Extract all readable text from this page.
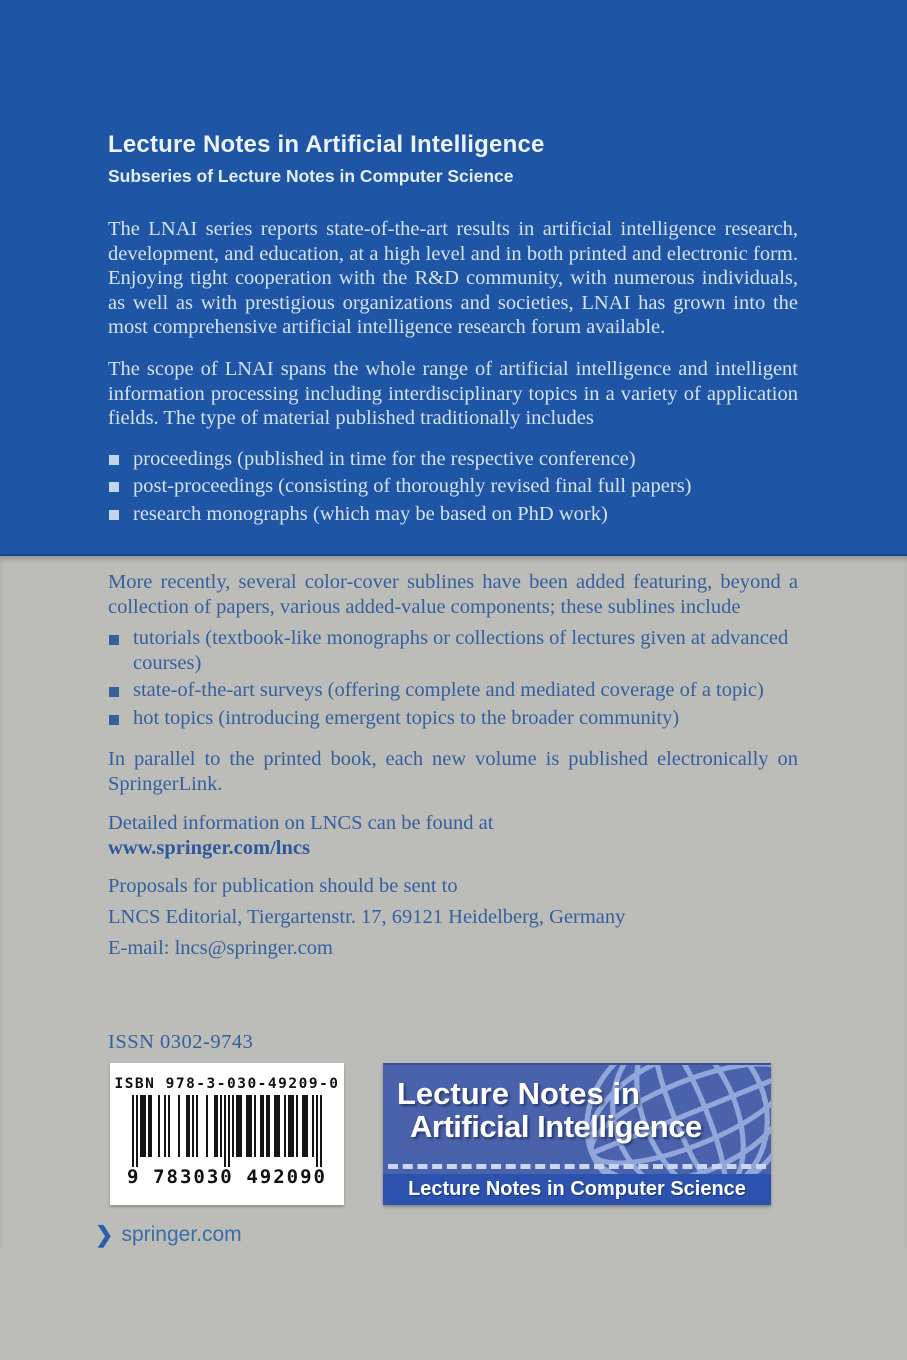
Lecture Notes in Artificial Intelligence
Subseries of Lecture Notes in Computer Science

The LNAI series reports state-of-the-art results in artificial intelligence research, development, and education, at a high level and in both printed and electronic form. Enjoying tight cooperation with the R&D community, with numerous individuals, as well as with prestigious organizations and societies, LNAI has grown into the most comprehensive artificial intelligence research forum available.

The scope of LNAI spans the whole range of artificial intelligence and intelligent information processing including interdisciplinary topics in a variety of application fields. The type of material published traditionally includes

proceedings (published in time for the respective conference)
post-proceedings (consisting of thoroughly revised final full papers)
research monographs (which may be based on PhD work)

More recently, several color-cover sublines have been added featuring, beyond a collection of papers, various added-value components; these sublines include

tutorials (textbook-like monographs or collections of lectures given at advanced courses)
state-of-the-art surveys (offering complete and mediated coverage of a topic)
hot topics (introducing emergent topics to the broader community)

In parallel to the printed book, each new volume is published electronically on SpringerLink.

Detailed information on LNCS can be found at

www.springer.com/lncs

Proposals for publication should be sent to

LNCS Editorial, Tiergartenstr. 17, 69121 Heidelberg, Germany

E-mail: lncs@springer.com

ISSN 0302-9743
ISBN 978-3-030-49209-0
9 783030 492090
Lecture Notes in
Artificial Intelligence
Lecture Notes in Computer Science
❯ springer.com
